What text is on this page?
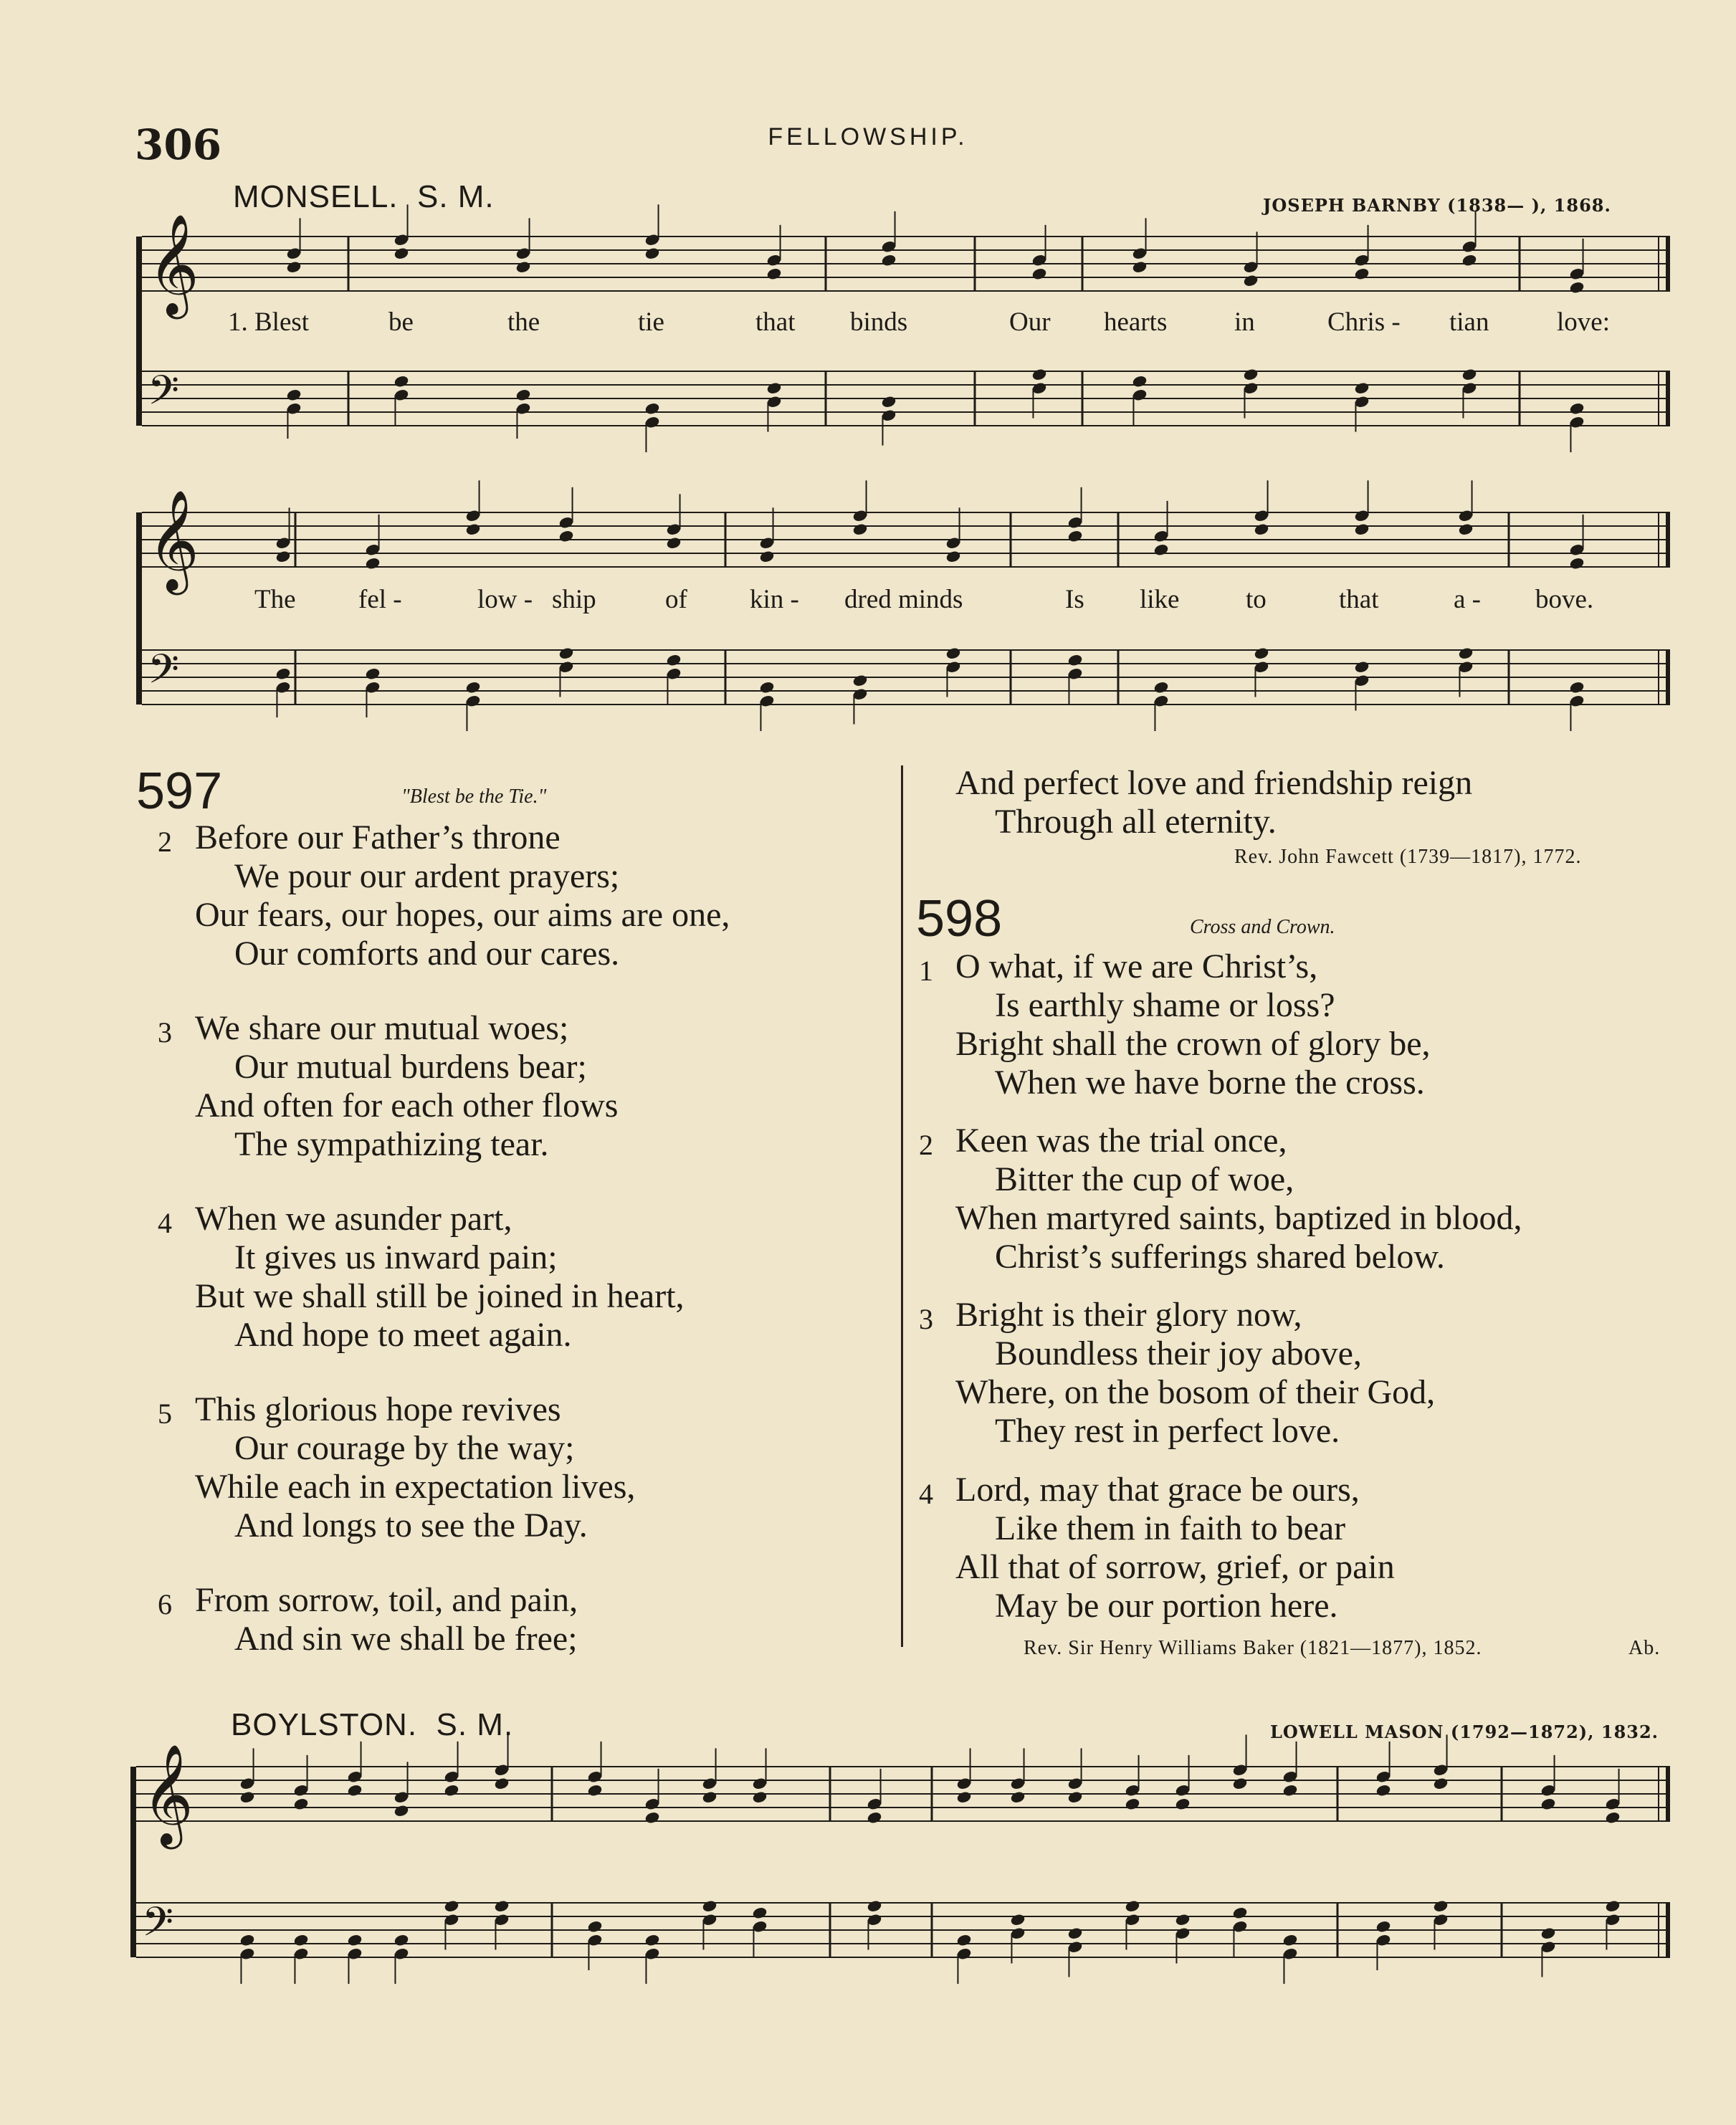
306	FELLOWSHIP.
MONSELL. S. M.	JOSEPH BARNBY (1838— ), 1868.
𝄞
𝄢
𝄞
𝄢
𝄞
𝄢
1. Blest	be	the	tie	that binds	Our hearts	in	Chris - tian	love:
The fel -	low - ship	of kin - dred minds	Is like	to	that	a - bove.
597	"Blest be the Tie."
2 Before our Father’s throne
We pour our ardent prayers;
Our fears, our hopes, our aims are one,
Our comforts and our cares.
3 We share our mutual woes;
Our mutual burdens bear;
And often for each other flows
The sympathizing tear.
4 When we asunder part,
It gives us inward pain;
But we shall still be joined in heart,
And hope to meet again.
5 This glorious hope revives
Our courage by the way;
While each in expectation lives,
And longs to see the Day.
6 From sorrow, toil, and pain,
And sin we shall be free;
And perfect love and friendship reign
Through all eternity.
Rev. John Fawcett (1739—1817), 1772.
598	Cross and Crown.
1 O what, if we are Christ’s,
Is earthly shame or loss?
Bright shall the crown of glory be,
When we have borne the cross.
2 Keen was the trial once,
Bitter the cup of woe,
When martyred saints, baptized in blood,
Christ’s sufferings shared below.
3 Bright is their glory now,
Boundless their joy above,
Where, on the bosom of their God,
They rest in perfect love.
4 Lord, may that grace be ours,
Like them in faith to bear
All that of sorrow, grief, or pain
May be our portion here.
Rev. Sir Henry Williams Baker (1821—1877), 1852.	Ab.
BOYLSTON. S. M.	LOWELL MASON (1792—1872), 1832.
